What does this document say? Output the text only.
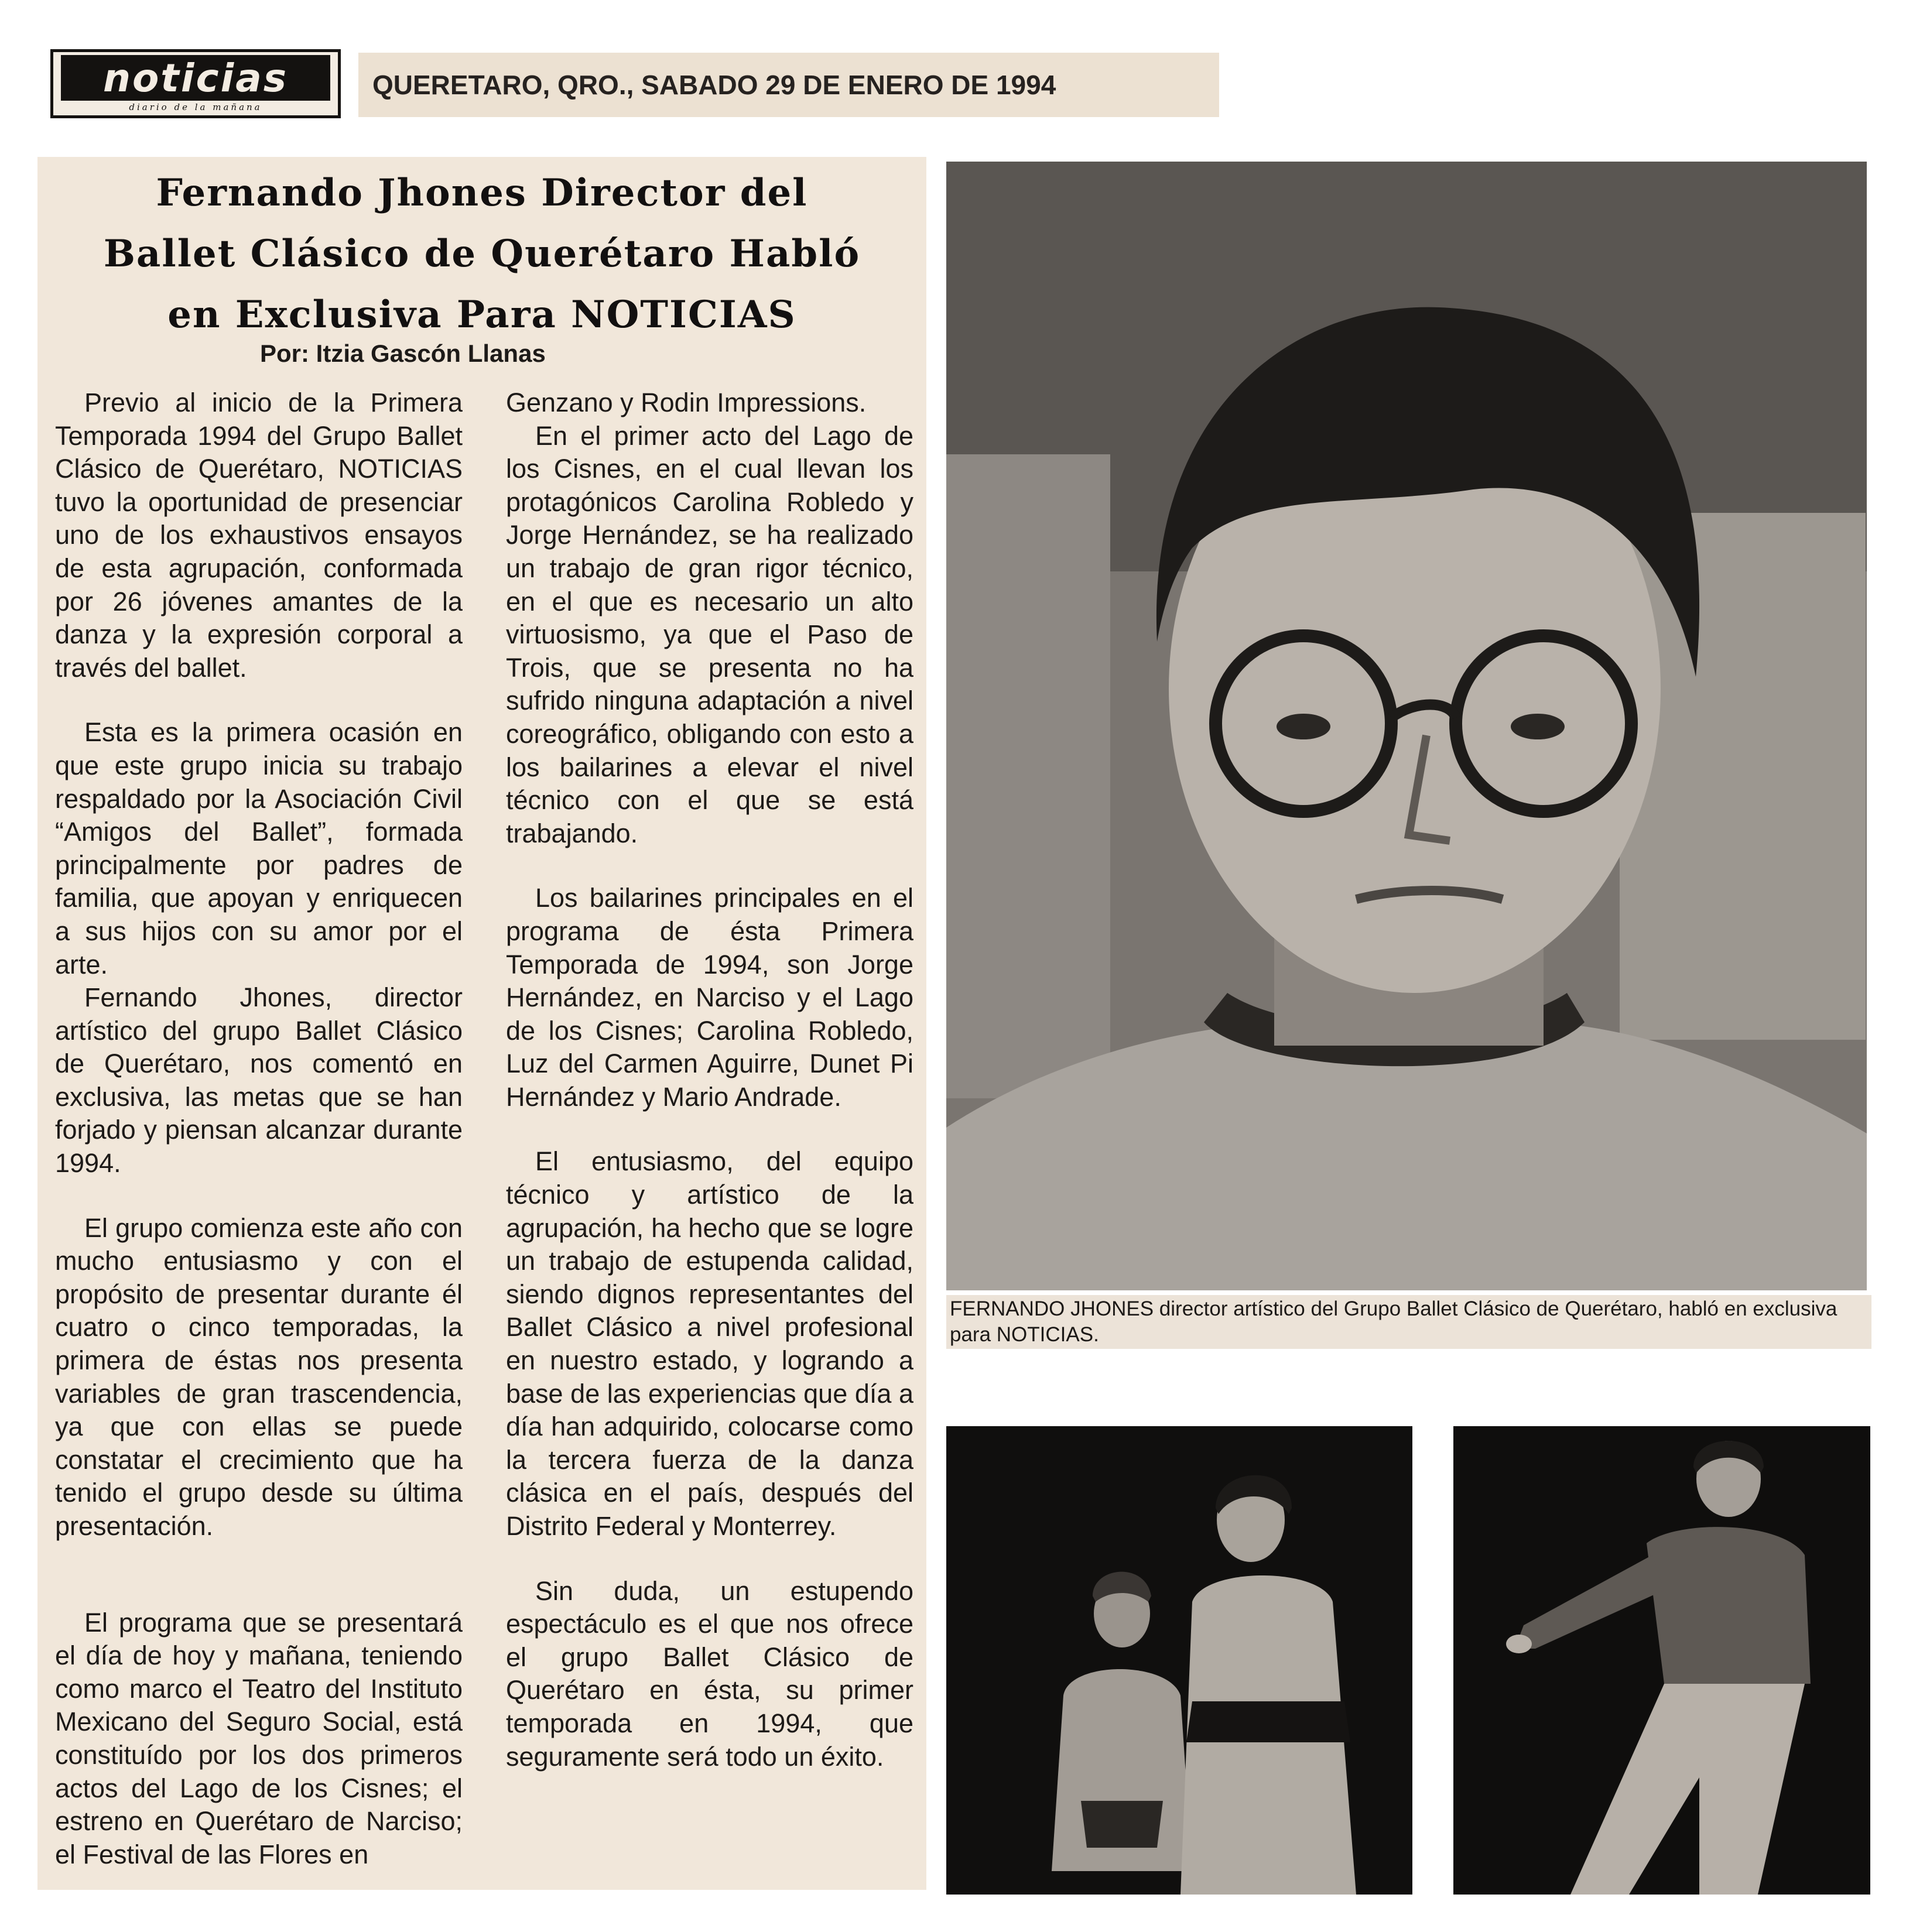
noticias
diario de la mañana
QUERETARO, QRO., SABADO 29 DE ENERO DE 1994
Fernando Jhones Director del
Ballet Clásico de Querétaro Habló
en Exclusiva Para NOTICIAS
Por: Itzia Gascón Llanas

Previo al inicio de la Primera Temporada 1994 del Grupo Ballet Clásico de Querétaro, NOTICIAS tuvo la oportunidad de presenciar uno de los exhaustivos ensayos de esta agrupación, conformada por 26 jóvenes amantes de la danza y la expresión corporal a través del ballet.

Esta es la primera ocasión en que este grupo inicia su trabajo respaldado por la Asociación Civil “Amigos del Ballet”, formada principalmente por padres de familia, que apoyan y enriquecen a sus hijos con su amor por el arte.

Fernando Jhones, director artístico del grupo Ballet Clásico de Querétaro, nos comentó en exclusiva, las metas que se han forjado y piensan alcanzar durante 1994.

El grupo comienza este año con mucho entusiasmo y con el propósito de presentar durante él cuatro o cinco temporadas, la primera de éstas nos presenta variables de gran trascendencia, ya que con ellas se puede constatar el crecimiento que ha tenido el grupo desde su última presentación.

El programa que se presentará el día de hoy y mañana, teniendo como marco el Teatro del Instituto Mexicano del Seguro Social, está constituído por los dos primeros actos del Lago de los Cisnes; el estreno en Querétaro de Narciso; el Festival de las Flores en

Genzano y Rodin Impressions.

En el primer acto del Lago de los Cisnes, en el cual llevan los protagónicos Carolina Robledo y Jorge Hernández, se ha realizado un trabajo de gran rigor técnico, en el que es necesario un alto virtuosismo, ya que el Paso de Trois, que se presenta no ha sufrido ninguna adaptación a nivel coreográfico, obligando con esto a los bailarines a elevar el nivel técnico con el que se está trabajando.

Los bailarines principales en el programa de ésta Primera Temporada de 1994, son Jorge Hernández, en Narciso y el Lago de los Cisnes; Carolina Robledo, Luz del Carmen Aguirre, Dunet Pi Hernández y Mario Andrade.

El entusiasmo, del equipo técnico y artístico de la agrupación, ha hecho que se logre un trabajo de estupenda calidad, siendo dignos representantes del Ballet Clásico a nivel profesional en nuestro estado, y logrando a base de las experiencias que día a día han adquirido, colocarse como la tercera fuerza de la danza clásica en el país, después del Distrito Federal y Monterrey.

Sin duda, un estupendo espectáculo es el que nos ofrece el grupo Ballet Clásico de Querétaro en ésta, su primer temporada en 1994, que seguramente será todo un éxito.

FERNANDO JHONES director artístico del Grupo Ballet Clásico de Querétaro, habló en exclusiva para NOTICIAS.
